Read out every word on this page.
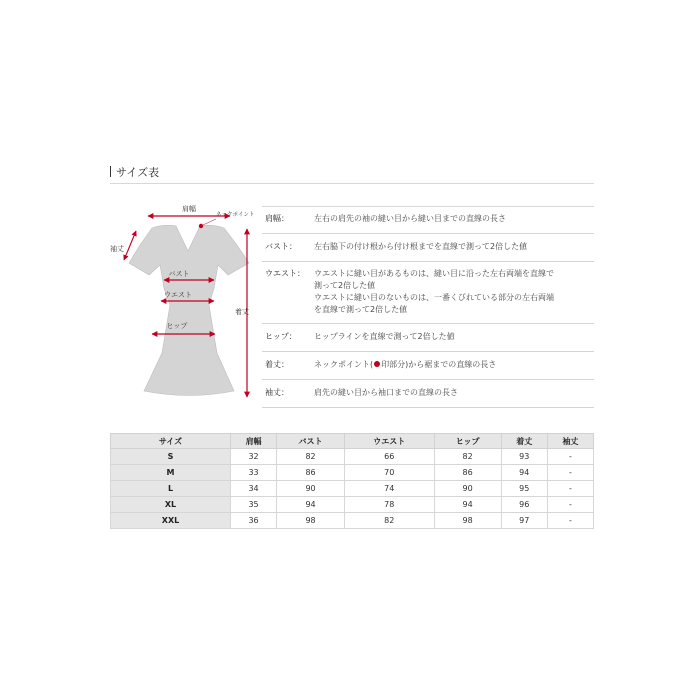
サイズ表
肩幅
ネックポイント
袖丈
バスト
ウエスト
ヒップ
着丈
肩幅：	左右の肩先の袖の縫い目から縫い目までの直線の長さ
バスト：	左右脇下の付け根から付け根までを直線で測って2倍した値
ウエスト：	ウエストに縫い目があるものは、縫い目に沿った左右両端を直線で
測って2倍した値
ウエストに縫い目のないものは、一番くびれている部分の左右両端
を直線で測って2倍した値
ヒップ：	ヒップラインを直線で測って2倍した値
着丈：	ネックポイント( 印部分)から裾までの直線の長さ
袖丈：	肩先の縫い目から袖口までの直線の長さ
サイズ	肩幅	バスト	ウエスト	ヒップ	着丈	袖丈
S	32	82	66	82	93	-
M	33	86	70	86	94	-
L	34	90	74	90	95	-
XL	35	94	78	94	96	-
XXL	36	98	82	98	97	-
